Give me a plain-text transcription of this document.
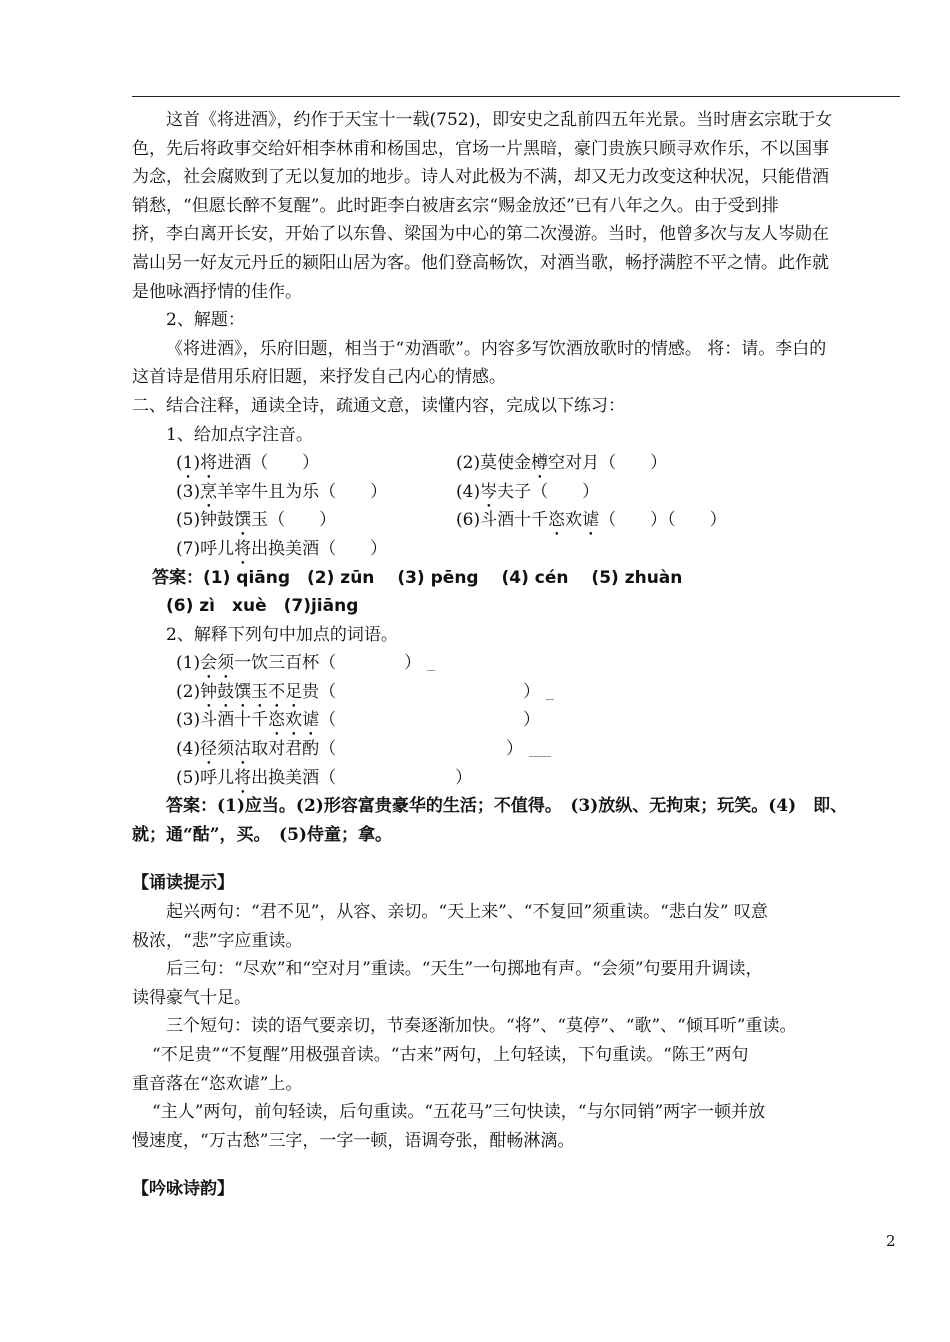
这首《将进酒》，约作于天宝十一载(752)，即安史之乱前四五年光景。当时唐玄宗耽于女
色，先后将政事交给奸相李林甫和杨国忠，官场一片黑暗，豪门贵族只顾寻欢作乐，不以国事
为念，社会腐败到了无以复加的地步。诗人对此极为不满，却又无力改变这种状况，只能借酒
销愁，“但愿长醉不复醒”。此时距李白被唐玄宗“赐金放还”已有八年之久。由于受到排
挤，李白离开长安，开始了以东鲁、梁国为中心的第二次漫游。当时，他曾多次与友人岑勋在
嵩山另一好友元丹丘的颍阳山居为客。他们登高畅饮，对酒当歌，畅抒满腔不平之情。此作就
是他咏酒抒情的佳作。
2、解题：
《将进酒》，乐府旧题，相当于“劝酒歌”。内容多写饮酒放歌时的情感。 将：请。李白的
这首诗是借用乐府旧题，来抒发自己内心的情感。
二、结合注释，通读全诗，疏通文意，读懂内容，完成以下练习：
1、给加点字注音。
(1)将进酒（　　）	(2)莫使金樽空对月（　　）
(3)烹羊宰牛且为乐（　　）	(4)岑夫子（　　）
(5)钟鼓馔玉（　　）	(6)斗酒十千恣欢谑（　　）（　　）
(7)呼儿将出换美酒（　　）
答案：(1) qiāng　(2) zūn　 (3) pēng　 (4) cén　 (5) zhuàn
(6) zì　xuè　(7)jiāng
2、解释下列句中加点的词语。
(1)会须一饮三百杯（　　　　）
(2)钟鼓馔玉不足贵（　　　　　　　　　　　）
(3)斗酒十千恣欢谑（　　　　　　　　　　　）
(4)径须沽取对君酌（　　　　　　　　　　）
(5)呼儿将出换美酒（　　　　　　　）
答案：(1)应当。(2)形容富贵豪华的生活；不值得。　(3)放纵、无拘束；玩笑。(4)　即、
就；通“酤”，买。　(5)侍童；拿。
【诵读提示】
起兴两句：“君不见”，从容、亲切。“天上来”、“不复回”须重读。“悲白发” 叹意
极浓，“悲”字应重读。
后三句：“尽欢”和“空对月”重读。“天生”一句掷地有声。“会须”句要用升调读，
读得豪气十足。
三个短句：读的语气要亲切，节奏逐渐加快。“将”、“莫停”、“歌”、“倾耳听”重读。
“不足贵”“不复醒”用极强音读。“古来”两句，上句轻读，下句重读。“陈王”两句
重音落在“恣欢谑”上。
“主人”两句，前句轻读，后句重读。“五花马”三句快读，“与尔同销”两字一顿并放
慢速度，“万古愁”三字，一字一顿，语调夸张，酣畅淋漓。
【吟咏诗韵】
2
